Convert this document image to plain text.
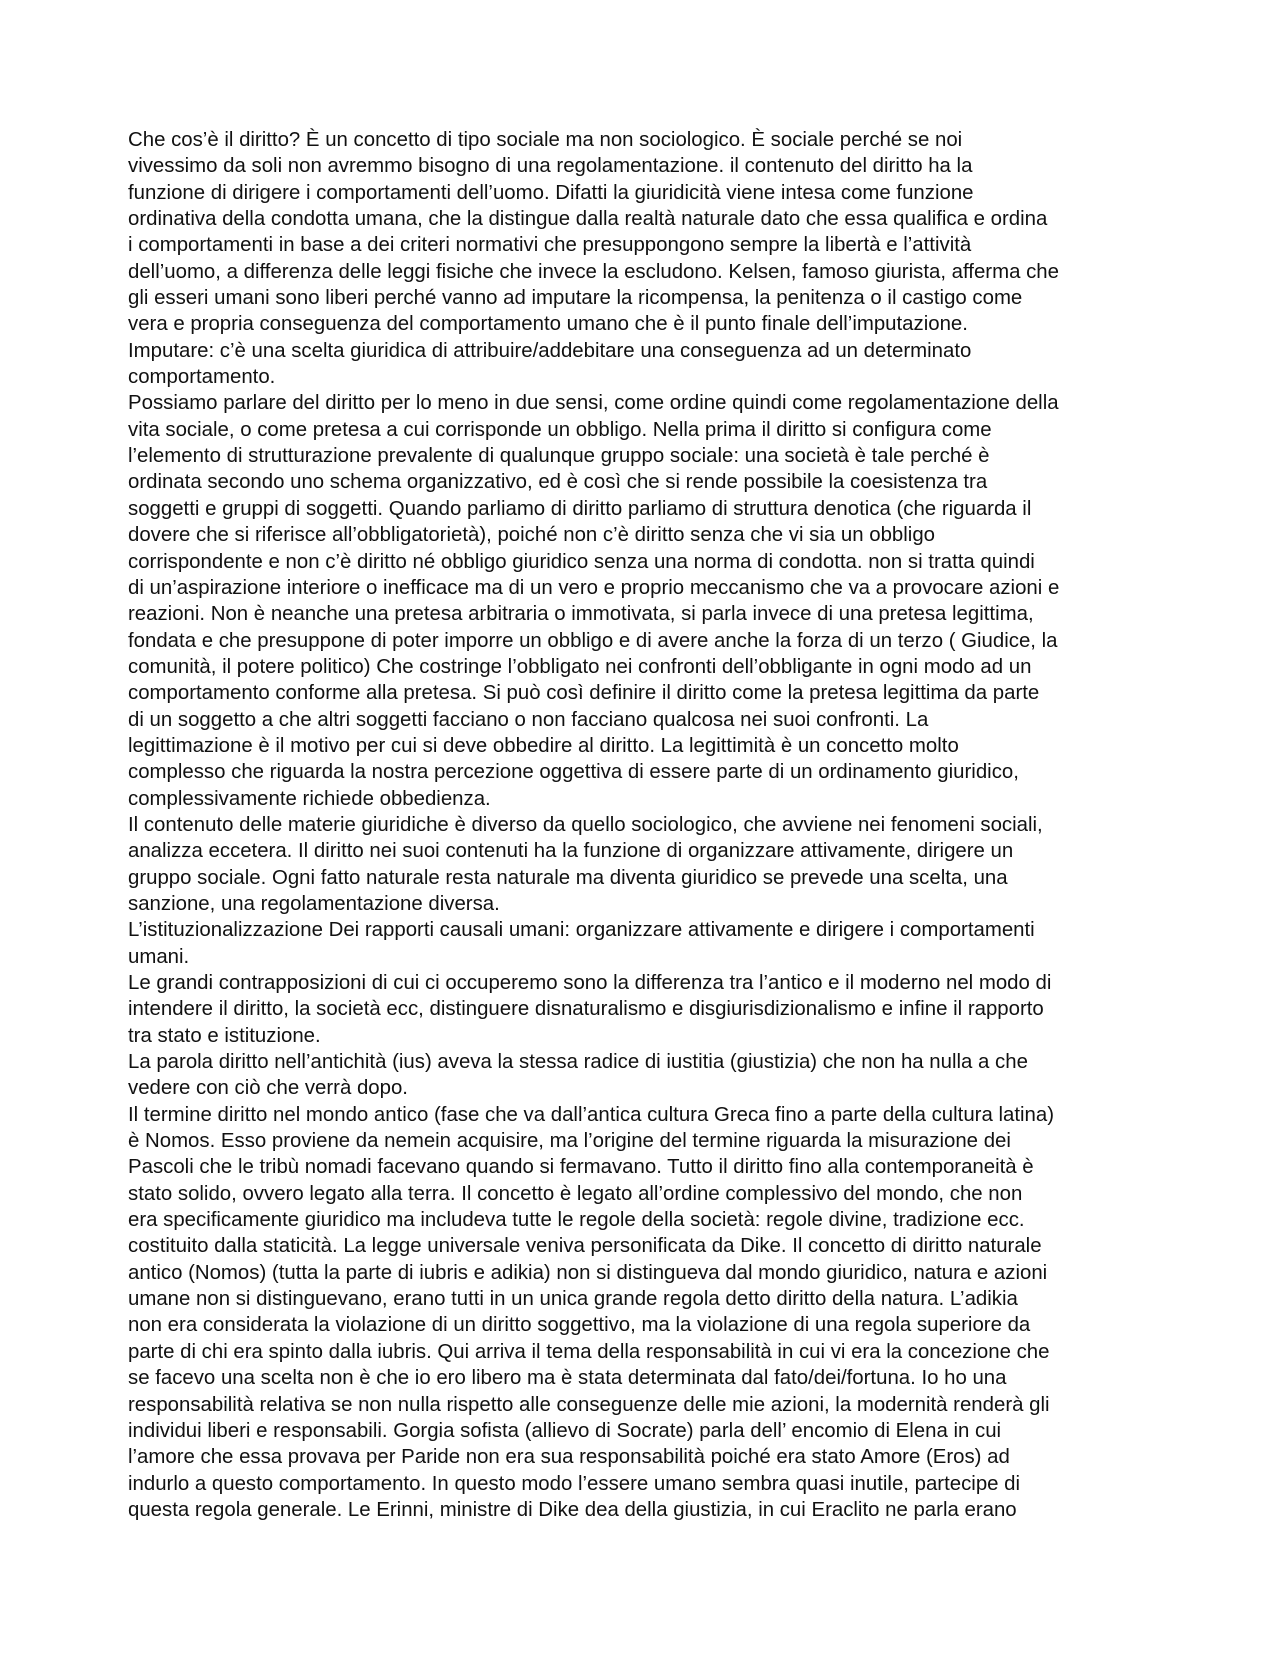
Che cos’è il diritto? È un concetto di tipo sociale ma non sociologico. È sociale perché se noi
vivessimo da soli non avremmo bisogno di una regolamentazione. il contenuto del diritto ha la
funzione di dirigere i comportamenti dell’uomo. Difatti la giuridicità viene intesa come funzione
ordinativa della condotta umana, che la distingue dalla realtà naturale dato che essa qualifica e ordina
i comportamenti in base a dei criteri normativi che presuppongono sempre la libertà e l’attività
dell’uomo, a differenza delle leggi fisiche che invece la escludono. Kelsen, famoso giurista, afferma che
gli esseri umani sono liberi perché vanno ad imputare la ricompensa, la penitenza o il castigo come
vera e propria conseguenza del comportamento umano che è il punto finale dell’imputazione.
Imputare: c’è una scelta giuridica di attribuire/addebitare una conseguenza ad un determinato
comportamento.
Possiamo parlare del diritto per lo meno in due sensi, come ordine quindi come regolamentazione della
vita sociale, o come pretesa a cui corrisponde un obbligo. Nella prima il diritto si configura come
l’elemento di strutturazione prevalente di qualunque gruppo sociale: una società è tale perché è
ordinata secondo uno schema organizzativo, ed è così che si rende possibile la coesistenza tra
soggetti e gruppi di soggetti. Quando parliamo di diritto parliamo di struttura denotica (che riguarda il
dovere che si riferisce all’obbligatorietà), poiché non c’è diritto senza che vi sia un obbligo
corrispondente e non c’è diritto né obbligo giuridico senza una norma di condotta. non si tratta quindi
di un’aspirazione interiore o inefficace ma di un vero e proprio meccanismo che va a provocare azioni e
reazioni. Non è neanche una pretesa arbitraria o immotivata, si parla invece di una pretesa legittima,
fondata e che presuppone di poter imporre un obbligo e di avere anche la forza di un terzo ( Giudice, la
comunità, il potere politico) Che costringe l’obbligato nei confronti dell’obbligante in ogni modo ad un
comportamento conforme alla pretesa. Si può così definire il diritto come la pretesa legittima da parte
di un soggetto a che altri soggetti facciano o non facciano qualcosa nei suoi confronti. La
legittimazione è il motivo per cui si deve obbedire al diritto. La legittimità è un concetto molto
complesso che riguarda la nostra percezione oggettiva di essere parte di un ordinamento giuridico,
complessivamente richiede obbedienza.
Il contenuto delle materie giuridiche è diverso da quello sociologico, che avviene nei fenomeni sociali,
analizza eccetera. Il diritto nei suoi contenuti ha la funzione di organizzare attivamente, dirigere un
gruppo sociale. Ogni fatto naturale resta naturale ma diventa giuridico se prevede una scelta, una
sanzione, una regolamentazione diversa.
L’istituzionalizzazione Dei rapporti causali umani: organizzare attivamente e dirigere i comportamenti
umani.
Le grandi contrapposizioni di cui ci occuperemo sono la differenza tra l’antico e il moderno nel modo di
intendere il diritto, la società ecc, distinguere disnaturalismo e disgiurisdizionalismo e infine il rapporto
tra stato e istituzione.
La parola diritto nell’antichità (ius) aveva la stessa radice di iustitia (giustizia) che non ha nulla a che
vedere con ciò che verrà dopo.
Il termine diritto nel mondo antico (fase che va dall’antica cultura Greca fino a parte della cultura latina)
è Nomos. Esso proviene da nemein acquisire, ma l’origine del termine riguarda la misurazione dei
Pascoli che le tribù nomadi facevano quando si fermavano. Tutto il diritto fino alla contemporaneità è
stato solido, ovvero legato alla terra. Il concetto è legato all’ordine complessivo del mondo, che non
era specificamente giuridico ma includeva tutte le regole della società: regole divine, tradizione ecc.
costituito dalla staticità. La legge universale veniva personificata da Dike. Il concetto di diritto naturale
antico (Nomos) (tutta la parte di iubris e adikia) non si distingueva dal mondo giuridico, natura e azioni
umane non si distinguevano, erano tutti in un unica grande regola detto diritto della natura. L’adikia
non era considerata la violazione di un diritto soggettivo, ma la violazione di una regola superiore da
parte di chi era spinto dalla iubris. Qui arriva il tema della responsabilità in cui vi era la concezione che
se facevo una scelta non è che io ero libero ma è stata determinata dal fato/dei/fortuna. Io ho una
responsabilità relativa se non nulla rispetto alle conseguenze delle mie azioni, la modernità renderà gli
individui liberi e responsabili. Gorgia sofista (allievo di Socrate) parla dell’ encomio di Elena in cui
l’amore che essa provava per Paride non era sua responsabilità poiché era stato Amore (Eros) ad
indurlo a questo comportamento. In questo modo l’essere umano sembra quasi inutile, partecipe di
questa regola generale. Le Erinni, ministre di Dike dea della giustizia, in cui Eraclito ne parla erano
